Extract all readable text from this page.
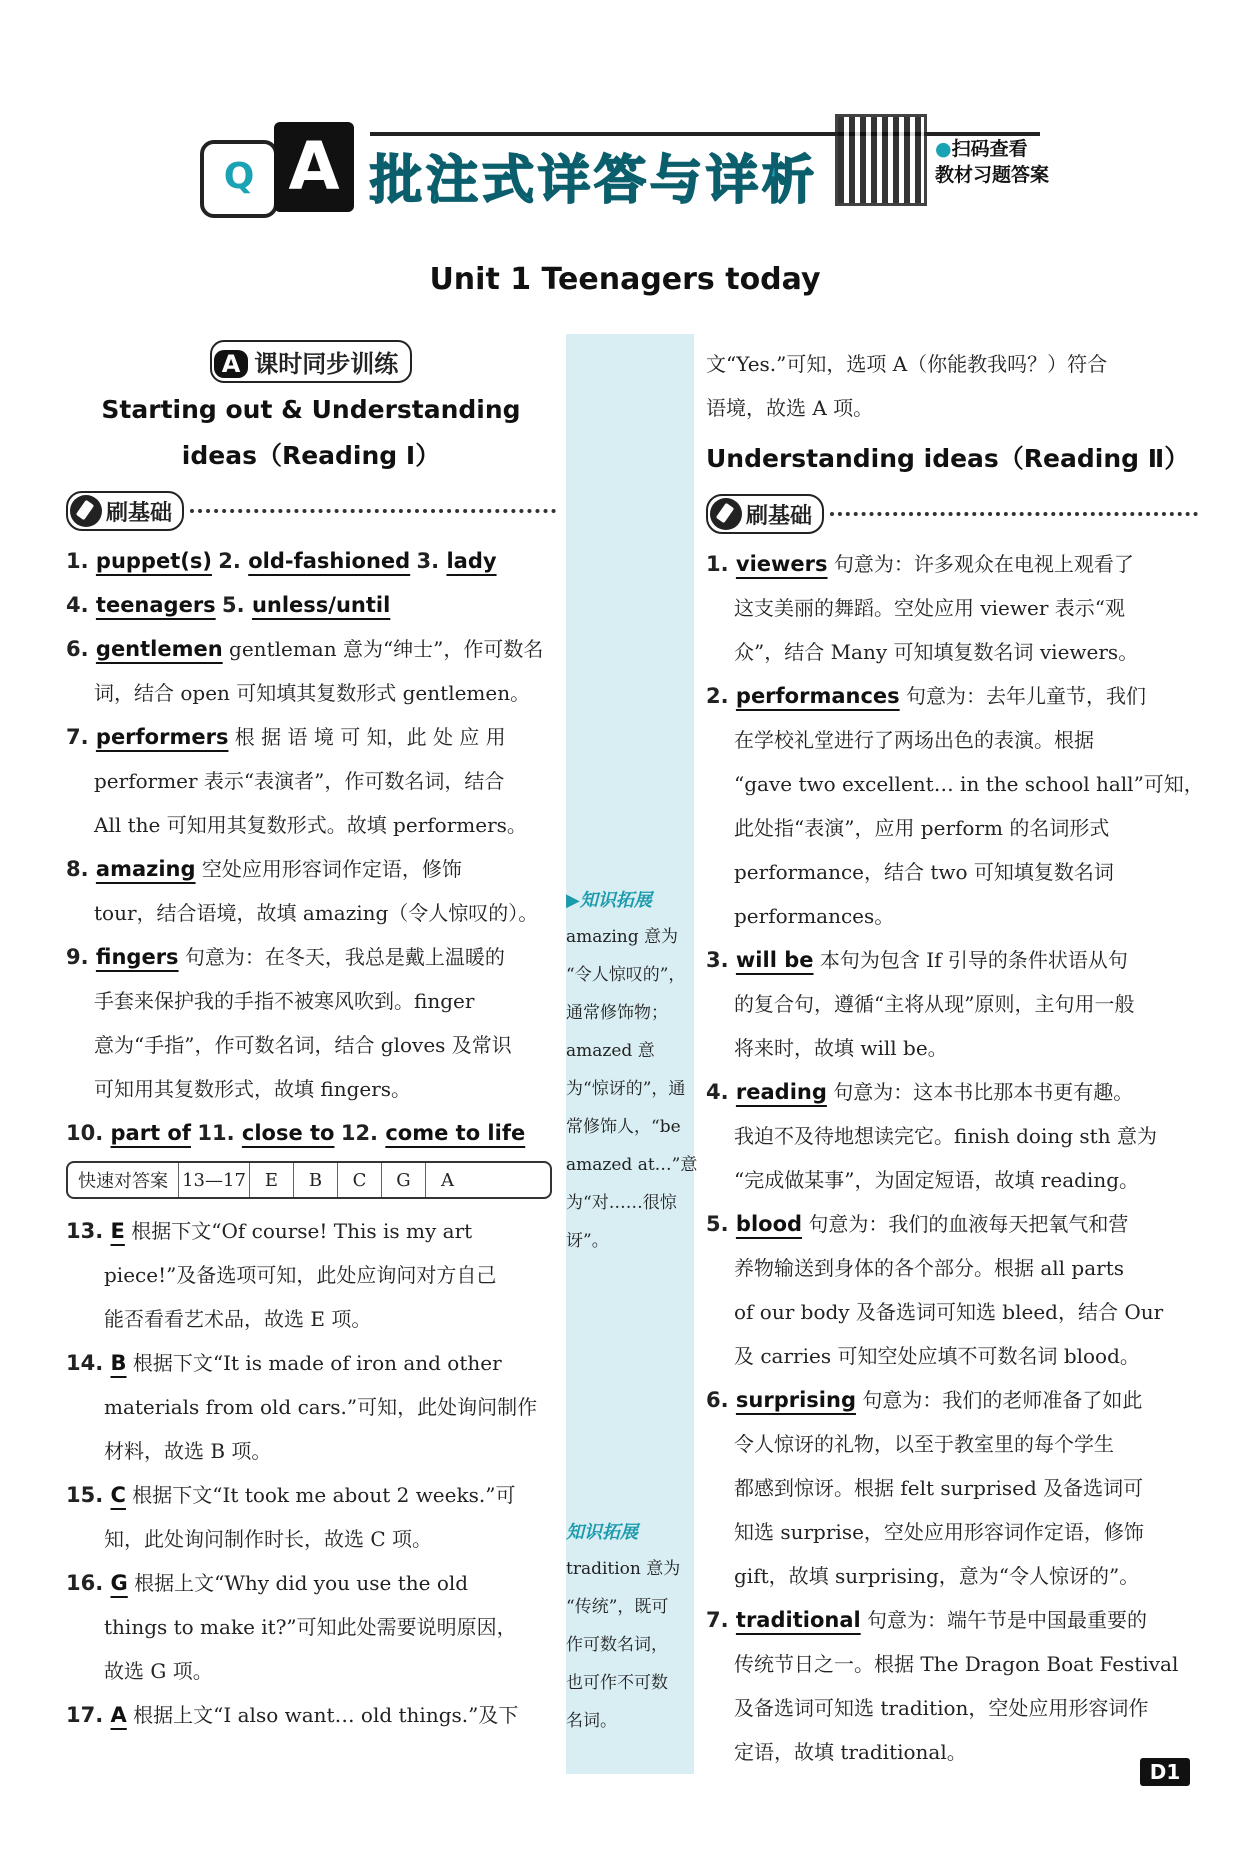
Q A 批注式详答与详析
●扫码查看
教材习题答案
Unit 1 Teenagers today
A 课时同步训练
Starting out & Understanding
ideas（Reading Ⅰ）
刷基础
1. puppet(s) 2. old-fashioned 3. lady
4. teenagers 5. unless/until
6. gentlemen gentleman 意为“绅士”，作可数名
词，结合 open 可知填其复数形式 gentlemen。
7. performers 根 据 语 境 可 知，此 处 应 用
performer 表示“表演者”，作可数名词，结合
All the 可知用其复数形式。故填 performers。
8. amazing 空处应用形容词作定语，修饰
tour，结合语境，故填 amazing（令人惊叹的）。
9. fingers 句意为：在冬天，我总是戴上温暖的
手套来保护我的手指不被寒风吹到。finger
意为“手指”，作可数名词，结合 gloves 及常识
可知用其复数形式，故填 fingers。
10. part of 11. close to 12. come to life
快速对答案 13—17	E	B	C	G	A
13. E 根据下文“Of course! This is my art
piece!”及备选项可知，此处应询问对方自己
能否看看艺术品，故选 E 项。
14. B 根据下文“It is made of iron and other
materials from old cars.”可知，此处询问制作
材料，故选 B 项。
15. C 根据下文“It took me about 2 weeks.”可
知，此处询问制作时长，故选 C 项。
16. G 根据上文“Why did you use the old
things to make it?”可知此处需要说明原因，
故选 G 项。
17. A 根据上文“I also want… old things.”及下
▶知识拓展
amazing 意为
“令人惊叹的”，
通常修饰物；
amazed 意
为“惊讶的”，通
常修饰人，“be
amazed at…”意
为“对……很惊
讶”。
知识拓展
tradition 意为
“传统”，既可
作可数名词，
也可作不可数
名词。
文“Yes.”可知，选项 A（你能教我吗？）符合
语境，故选 A 项。
Understanding ideas（Reading Ⅱ）
刷基础
1. viewers 句意为：许多观众在电视上观看了
这支美丽的舞蹈。空处应用 viewer 表示“观
众”，结合 Many 可知填复数名词 viewers。
2. performances 句意为：去年儿童节，我们
在学校礼堂进行了两场出色的表演。根据
“gave two excellent… in the school hall”可知，
此处指“表演”，应用 perform 的名词形式
performance，结合 two 可知填复数名词
performances。
3. will be 本句为包含 If 引导的条件状语从句
的复合句，遵循“主将从现”原则，主句用一般
将来时，故填 will be。
4. reading 句意为：这本书比那本书更有趣。
我迫不及待地想读完它。finish doing sth 意为
“完成做某事”，为固定短语，故填 reading。
5. blood 句意为：我们的血液每天把氧气和营
养物输送到身体的各个部分。根据 all parts
of our body 及备选词可知选 bleed，结合 Our
及 carries 可知空处应填不可数名词 blood。
6. surprising 句意为：我们的老师准备了如此
令人惊讶的礼物，以至于教室里的每个学生
都感到惊讶。根据 felt surprised 及备选词可
知选 surprise，空处应用形容词作定语，修饰
gift，故填 surprising，意为“令人惊讶的”。
7. traditional 句意为：端午节是中国最重要的
传统节日之一。根据 The Dragon Boat Festival
及备选词可知选 tradition，空处应用形容词作
定语，故填 traditional。
D1
